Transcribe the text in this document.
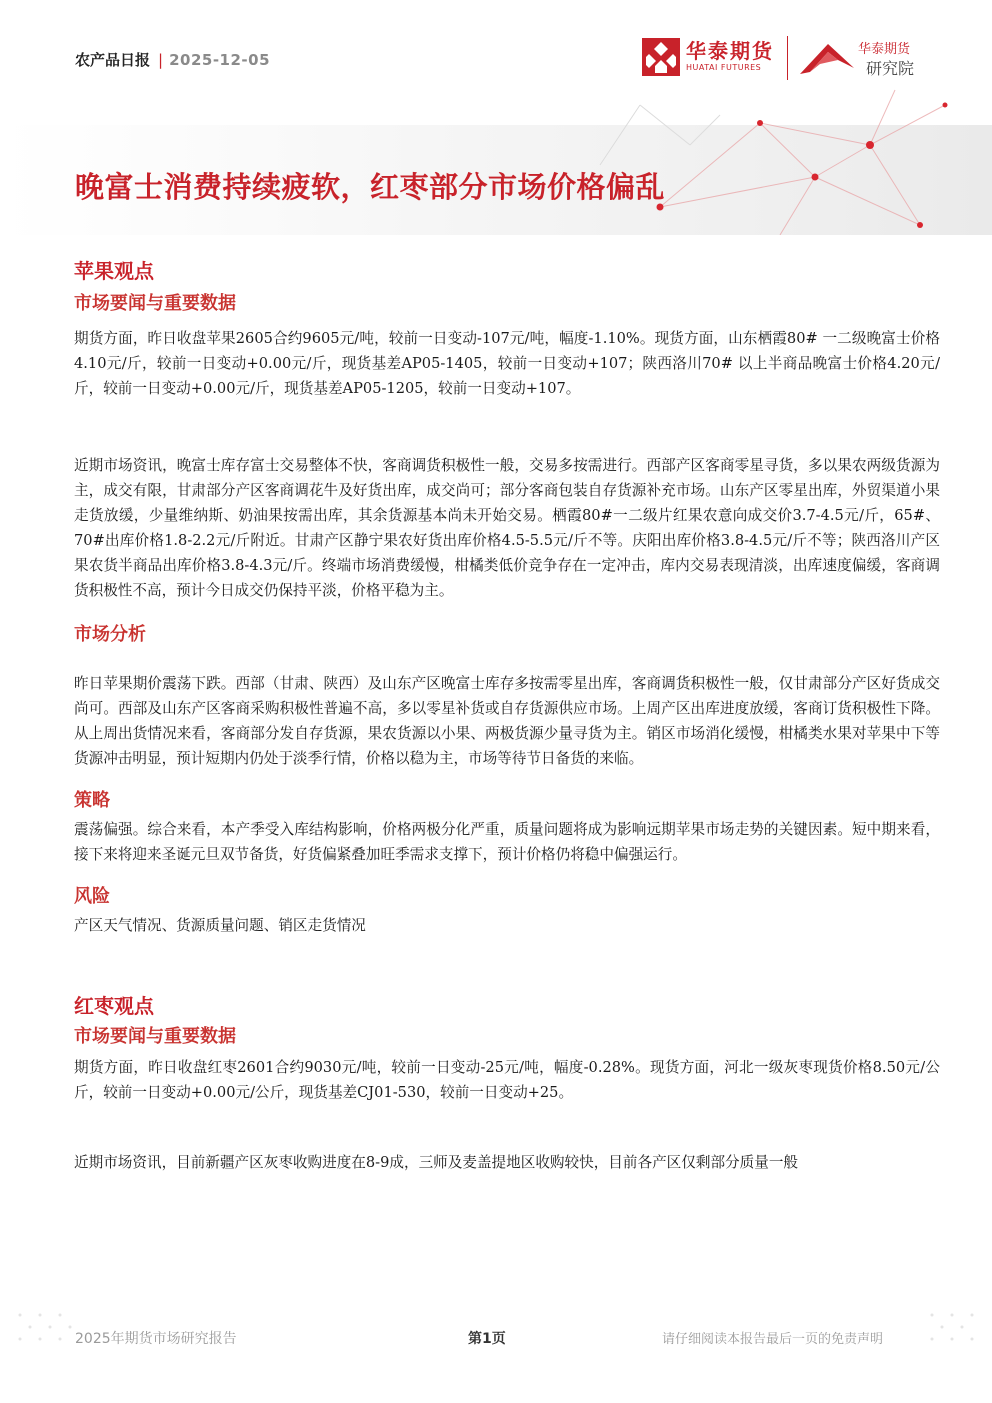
农产品日报 | 2025-12-05	华泰期货
HUATAI FUTURES
华泰期货
研究院
晚富士消费持续疲软，红枣部分市场价格偏乱
苹果观点
市场要闻与重要数据

期货方面，昨日收盘苹果2605合约9605元/吨，较前一日变动-107元/吨，幅度-1.10%。现货方面，山东栖霞80# 一二级晚富士价格4.10元/斤，较前一日变动+0.00元/斤，现货基差AP05-1405，较前一日变动+107；陕西洛川70# 以上半商品晚富士价格4.20元/斤，较前一日变动+0.00元/斤，现货基差AP05-1205，较前一日变动+107。

近期市场资讯，晚富士库存富士交易整体不快，客商调货积极性一般，交易多按需进行。西部产区客商零星寻货，多以果农两级货源为主，成交有限，甘肃部分产区客商调花牛及好货出库，成交尚可；部分客商包装自存货源补充市场。山东产区零星出库，外贸渠道小果走货放缓，少量维纳斯、奶油果按需出库，其余货源基本尚未开始交易。栖霞80#一二级片红果农意向成交价3.7-4.5元/斤，65#、70#出库价格1.8-2.2元/斤附近。甘肃产区静宁果农好货出库价格4.5-5.5元/斤不等。庆阳出库价格3.8-4.5元/斤不等；陕西洛川产区果农货半商品出库价格3.8-4.3元/斤。终端市场消费缓慢，柑橘类低价竞争存在一定冲击，库内交易表现清淡，出库速度偏缓，客商调货积极性不高，预计今日成交仍保持平淡，价格平稳为主。

市场分析

昨日苹果期价震荡下跌。西部（甘肃、陕西）及山东产区晚富士库存多按需零星出库，客商调货积极性一般，仅甘肃部分产区好货成交尚可。西部及山东产区客商采购积极性普遍不高，多以零星补货或自存货源供应市场。上周产区出库进度放缓，客商订货积极性下降。从上周出货情况来看，客商部分发自存货源，果农货源以小果、两极货源少量寻货为主。销区市场消化缓慢，柑橘类水果对苹果中下等货源冲击明显，预计短期内仍处于淡季行情，价格以稳为主，市场等待节日备货的来临。

策略

震荡偏强。综合来看，本产季受入库结构影响，价格两极分化严重，质量问题将成为影响远期苹果市场走势的关键因素。短中期来看，接下来将迎来圣诞元旦双节备货，好货偏紧叠加旺季需求支撑下，预计价格仍将稳中偏强运行。

风险

产区天气情况、货源质量问题、销区走货情况

红枣观点
市场要闻与重要数据

期货方面，昨日收盘红枣2601合约9030元/吨，较前一日变动-25元/吨，幅度-0.28%。现货方面，河北一级灰枣现货价格8.50元/公斤，较前一日变动+0.00元/公斤，现货基差CJ01-530，较前一日变动+25。

近期市场资讯，目前新疆产区灰枣收购进度在8-9成，三师及麦盖提地区收购较快，目前各产区仅剩部分质量一般

2025年期货市场研究报告	第1页	请仔细阅读本报告最后一页的免责声明
